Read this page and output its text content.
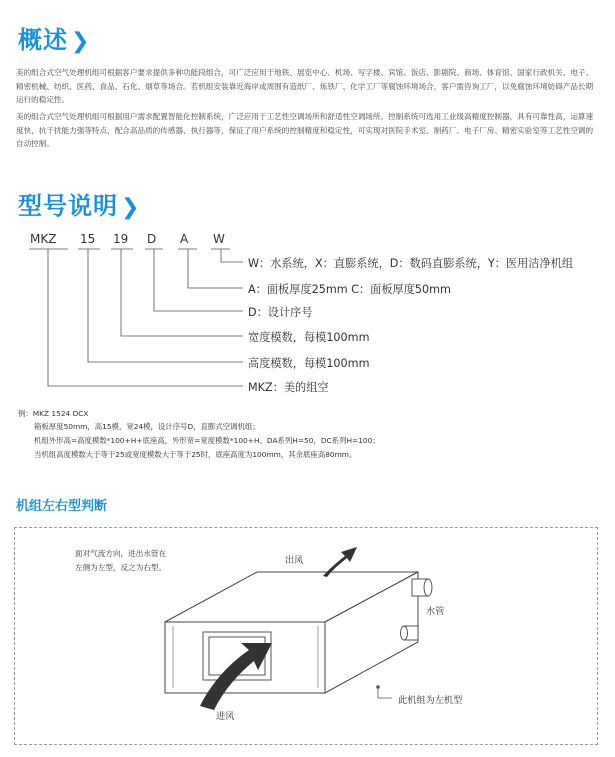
概述 ❯

美的组合式空气处理机组可根据客户要求提供多种功能段组合，可广泛应用于地铁、展览中心、机场、写字楼、宾馆、饭店、影剧院、商场、体育馆、国家行政机关、电子、精密机械、纺织、医药、食品、石化、烟草等场合。若机组安装靠近海岸或周围有造纸厂、炼铁厂、化学工厂等腐蚀环境场合，客户需咨询工厂，以免腐蚀环境妨碍产品长期运行的稳定性。

美的组合式空气处理机组可根据用户需求配置智能化控制系统，广泛应用于工艺性空调场所和舒适性空调场所。控制系统可选用工业级高精度控制器，具有可靠性高，运算速度快，抗干扰能力强等特点，配合高品质的传感器、执行器等，保证了用户系统的控制精度和稳定性，可实现对医院手术室、制药厂、电子厂房、精密实验室等工艺性空调的自动控制。

型号说明 ❯
MKZ 15 19 D A W
W：水系统，X：直膨系统，D：数码直膨系统，Y：医用洁净机组
A：面板厚度25mm C：面板厚度50mm
D：设计序号
宽度模数，每模100mm
高度模数，每模100mm
MKZ：美的组空
例：MKZ 1524 DCX
箱板厚度50mm，高15模，宽24模，设计序号D，直膨式空调机组；
机组外形高=高度模数*100+H+底座高，外形宽=宽度模数*100+H。DA系列H=50，DC系列H=100；
当机组高度模数大于等于25或宽度模数大于等于25时，底座高度为100mm，其余底座高80mm。
机组左右型判断

面对气流方向，进出水管在左侧为左型，反之为右型。

出风
水管
此机组为左机型
进风
